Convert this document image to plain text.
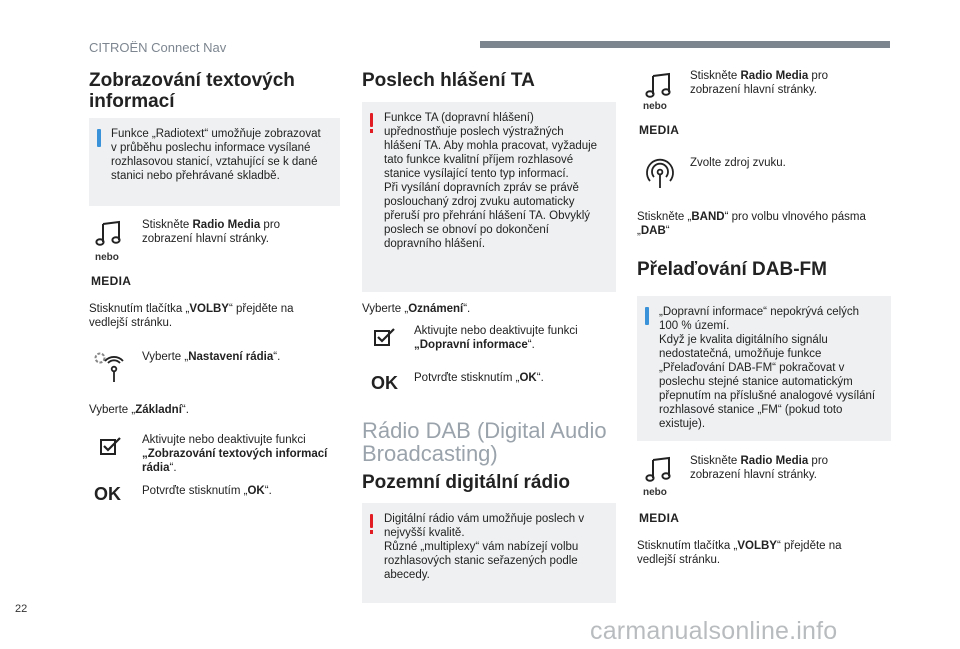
CITROËN Connect Nav
22
carmanualsonline.info
Zobrazování textových
informací
Funkce „Radiotext“ umožňuje zobrazovat
v průběhu poslechu informace vysílané
rozhlasovou stanicí, vztahující se k dané
stanici nebo přehrávané skladbě.
nebo
MEDIA
Stiskněte Radio Media pro
zobrazení hlavní stránky.
Stisknutím tlačítka „VOLBY“ přejděte na
vedlejší stránku.
Vyberte „Nastavení rádia“.
Vyberte „Základní“.
Aktivujte nebo deaktivujte funkci
„Zobrazování textových informací
rádia“.
OK Potvrďte stisknutím „OK“.
Poslech hlášení TA
Funkce TA (dopravní hlášení)
upřednostňuje poslech výstražných
hlášení TA. Aby mohla pracovat, vyžaduje
tato funkce kvalitní příjem rozhlasové
stanice vysílající tento typ informací.
Při vysílání dopravních zpráv se právě
poslouchaný zdroj zvuku automaticky
přeruší pro přehrání hlášení TA. Obvyklý
poslech se obnoví po dokončení
dopravního hlášení.
Vyberte „Oznámení“.
Aktivujte nebo deaktivujte funkci
„Dopravní informace“.
OK Potvrďte stisknutím „OK“.
Rádio DAB (Digital Audio
Broadcasting)
Pozemní digitální rádio
Digitální rádio vám umožňuje poslech v
nejvyšší kvalitě.
Různé „multiplexy“ vám nabízejí volbu
rozhlasových stanic seřazených podle
abecedy.
nebo
MEDIA
Stiskněte Radio Media pro
zobrazení hlavní stránky.
Zvolte zdroj zvuku.
Stiskněte „BAND“ pro volbu vlnového pásma
„DAB“
Přelaďování DAB-FM
„Dopravní informace“ nepokrývá celých
100 % území.
Když je kvalita digitálního signálu
nedostatečná, umožňuje funkce
„Přelaďování DAB-FM“ pokračovat v
poslechu stejné stanice automatickým
přepnutím na příslušné analogové vysílání
rozhlasové stanice „FM“ (pokud toto
existuje).
nebo
MEDIA
Stiskněte Radio Media pro
zobrazení hlavní stránky.
Stisknutím tlačítka „VOLBY“ přejděte na
vedlejší stránku.
